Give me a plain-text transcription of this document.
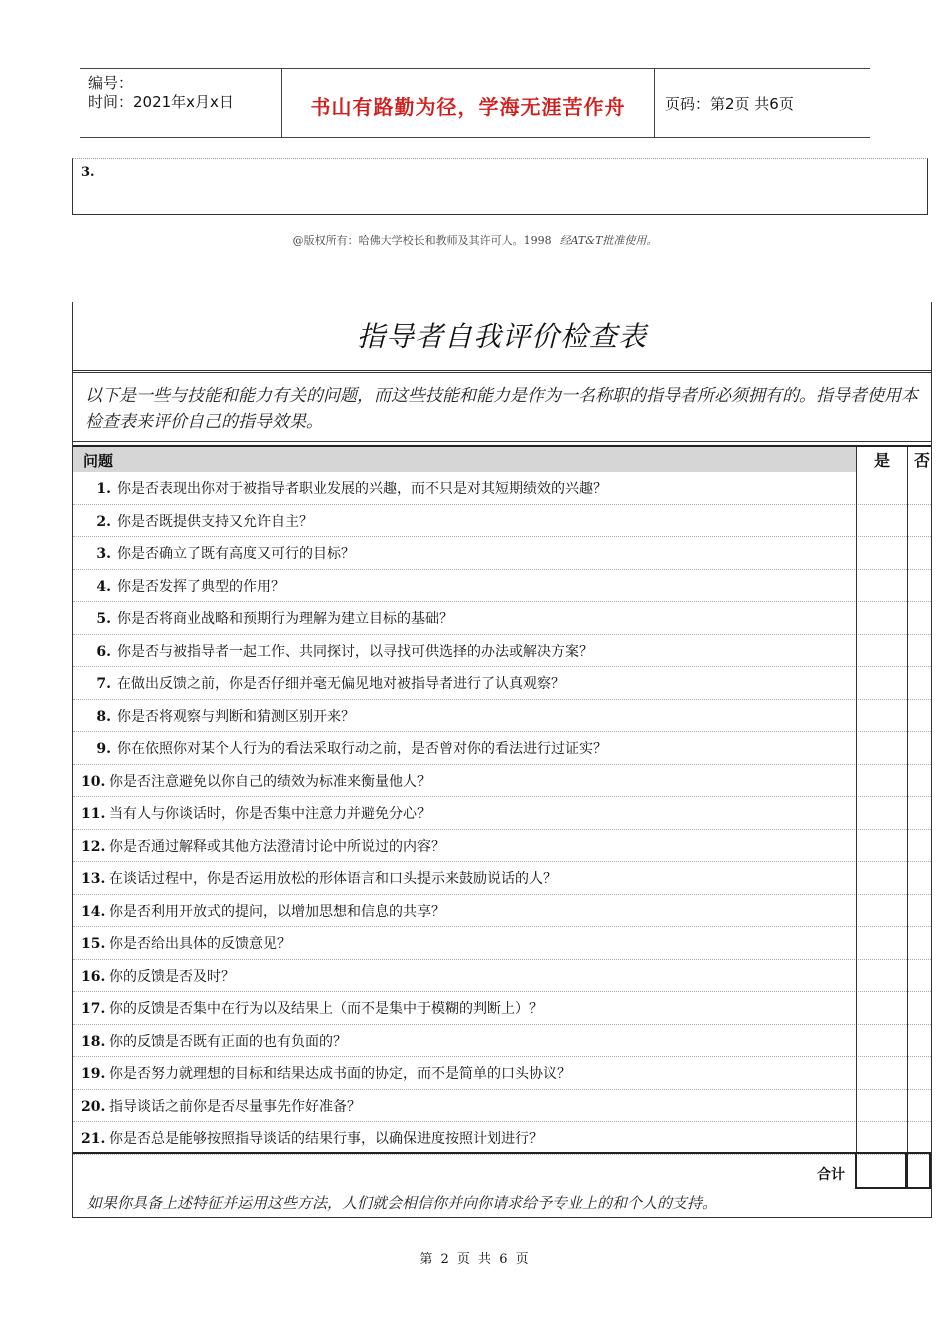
编号：
时间：2021年x月x日	书山有路勤为径，学海无涯苦作舟	页码：第2页 共6页
3.
@版权所有：哈佛大学校长和教师及其许可人。1998 经AT&T批准使用。
指导者自我评价检查表
以下是一些与技能和能力有关的问题，而这些技能和能力是作为一名称职的指导者所必须拥有的。指导者使用本检查表来评价自己的指导效果。
问题	是	否
1. 你是否表现出你对于被指导者职业发展的兴趣，而不只是对其短期绩效的兴趣？
2. 你是否既提供支持又允许自主？
3. 你是否确立了既有高度又可行的目标？
4. 你是否发挥了典型的作用？
5. 你是否将商业战略和预期行为理解为建立目标的基础？
6. 你是否与被指导者一起工作、共同探讨，以寻找可供选择的办法或解决方案？
7. 在做出反馈之前，你是否仔细并毫无偏见地对被指导者进行了认真观察？
8. 你是否将观察与判断和猜测区别开来？
9. 你在依照你对某个人行为的看法采取行动之前，是否曾对你的看法进行过证实？
10. 你是否注意避免以你自己的绩效为标准来衡量他人？
11. 当有人与你谈话时，你是否集中注意力并避免分心？
12. 你是否通过解释或其他方法澄清讨论中所说过的内容？
13. 在谈话过程中，你是否运用放松的形体语言和口头提示来鼓励说话的人？
14. 你是否利用开放式的提问，以增加思想和信息的共享？
15. 你是否给出具体的反馈意见？
16. 你的反馈是否及时？
17. 你的反馈是否集中在行为以及结果上（而不是集中于模糊的判断上）？
18. 你的反馈是否既有正面的也有负面的？
19. 你是否努力就理想的目标和结果达成书面的协定，而不是简单的口头协议？
20. 指导谈话之前你是否尽量事先作好准备？
21. 你是否总是能够按照指导谈话的结果行事，以确保进度按照计划进行？
合计
如果你具备上述特征并运用这些方法，人们就会相信你并向你请求给予专业上的和个人的支持。
第 2 页 共 6 页
